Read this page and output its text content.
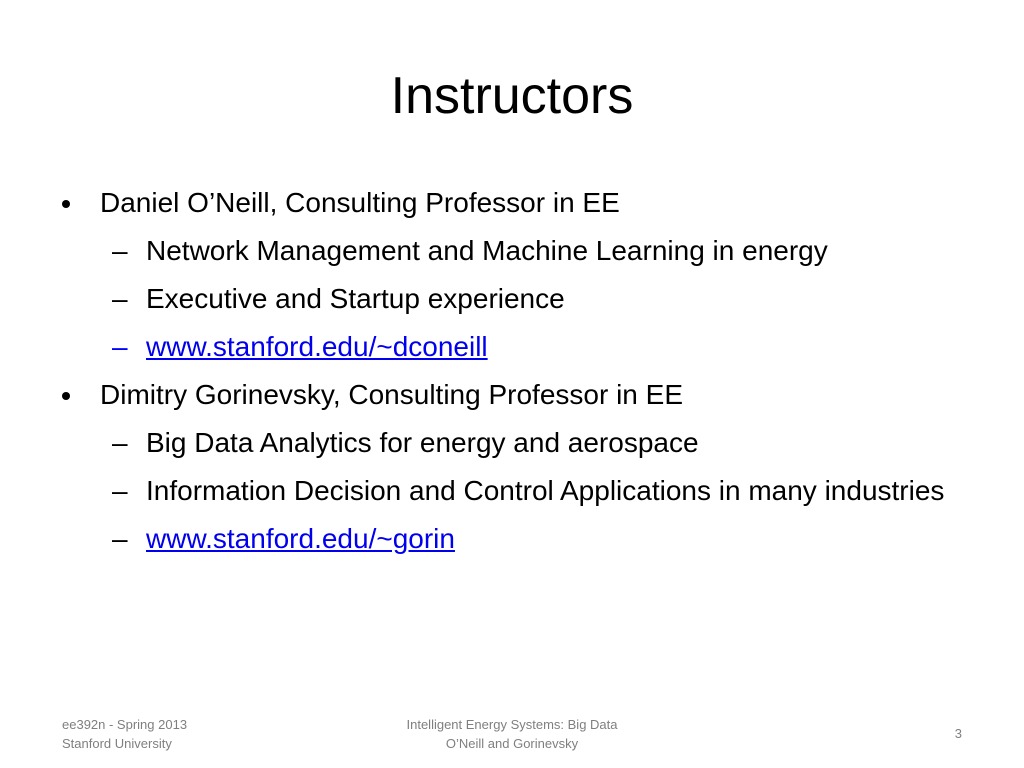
Instructors
Daniel O’Neill, Consulting Professor in EE
– Network Management and Machine Learning in energy
– Executive and Startup experience
– www.stanford.edu/~dconeill
Dimitry Gorinevsky, Consulting Professor in EE
– Big Data Analytics for energy and aerospace
– Information Decision and Control Applications in many industries
– www.stanford.edu/~gorin
ee392n - Spring 2013
Stanford University
Intelligent Energy Systems: Big Data
O’Neill and Gorinevsky
3
